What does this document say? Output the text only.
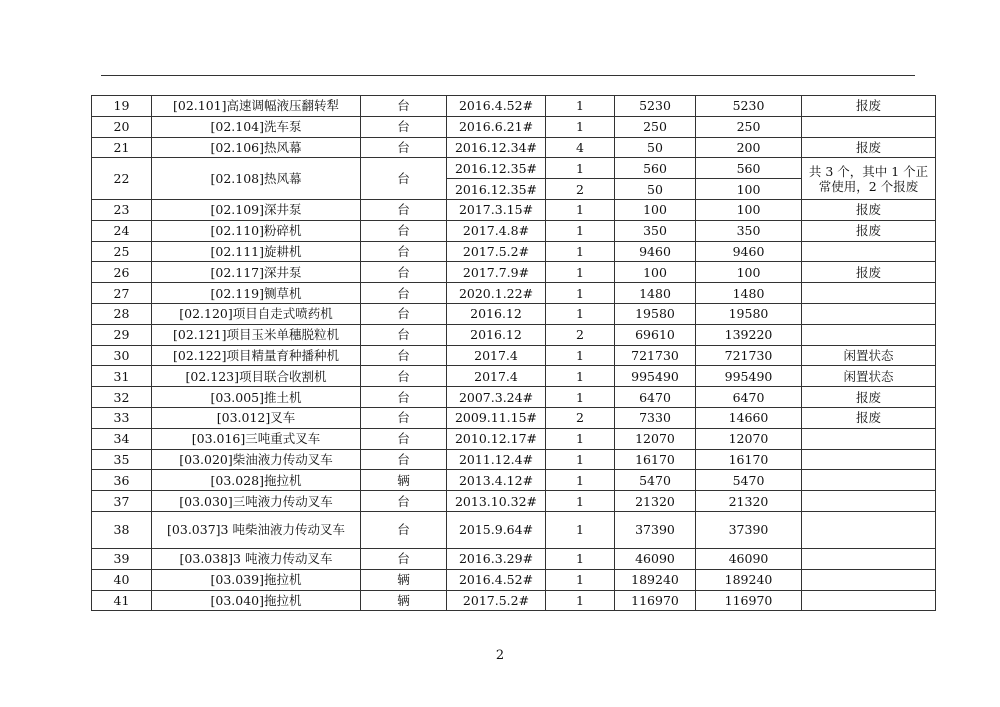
19	[02.101]高速调幅液压翻转犁	台	2016.4.52#	1	5230	5230	报废
20	[02.104]洗车泵	台	2016.6.21#	1	250	250	
21	[02.106]热风幕	台	2016.12.34#	4	50	200	报废
22	[02.108]热风幕	台	2016.12.35#	1	560	560	共 3 个，其中 1 个正常使用，2 个报废
			2016.12.35#	2	50	100	
23	[02.109]深井泵	台	2017.3.15#	1	100	100	报废
24	[02.110]粉碎机	台	2017.4.8#	1	350	350	报废
25	[02.111]旋耕机	台	2017.5.2#	1	9460	9460	
26	[02.117]深井泵	台	2017.7.9#	1	100	100	报废
27	[02.119]铡草机	台	2020.1.22#	1	1480	1480	
28	[02.120]项目自走式喷药机	台	2016.12	1	19580	19580	
29	[02.121]项目玉米单穗脱粒机	台	2016.12	2	69610	139220	
30	[02.122]项目精量育种播种机	台	2017.4	1	721730	721730	闲置状态
31	[02.123]项目联合收割机	台	2017.4	1	995490	995490	闲置状态
32	[03.005]推土机	台	2007.3.24#	1	6470	6470	报废
33	[03.012]叉车	台	2009.11.15#	2	7330	14660	报废
34	[03.016]三吨重式叉车	台	2010.12.17#	1	12070	12070	
35	[03.020]柴油液力传动叉车	台	2011.12.4#	1	16170	16170	
36	[03.028]拖拉机	辆	2013.4.12#	1	5470	5470	
37	[03.030]三吨液力传动叉车	台	2013.10.32#	1	21320	21320	
38	[03.037]3 吨柴油液力传动叉车	台	2015.9.64#	1	37390	37390	
39	[03.038]3 吨液力传动叉车	台	2016.3.29#	1	46090	46090	
40	[03.039]拖拉机	辆	2016.4.52#	1	189240	189240	
41	[03.040]拖拉机	辆	2017.5.2#	1	116970	116970	
2
